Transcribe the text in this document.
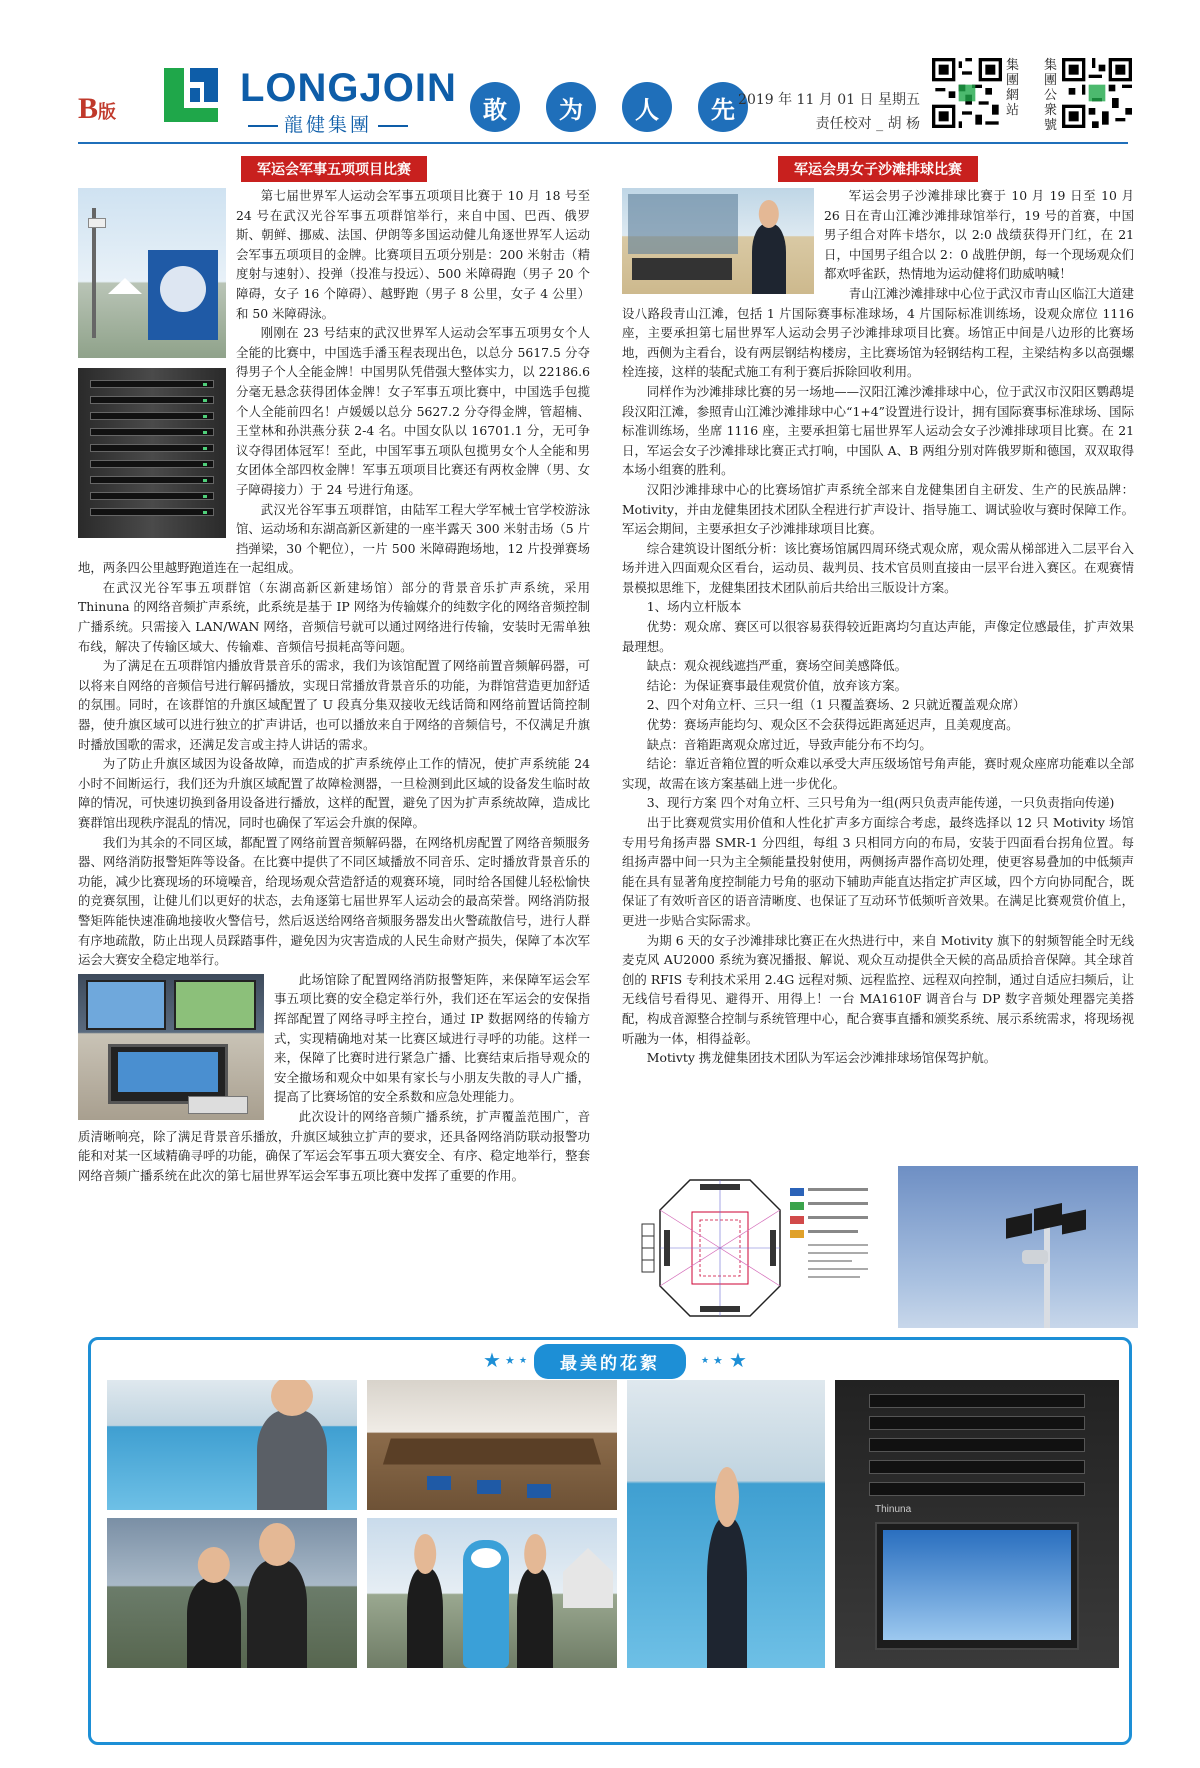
B版
LONGJOIN
龍健集團
敢	为	人	先 2019 年 11 月 01 日 星期五
责任校对 _ 胡 杨
集團網站
集團公衆號
军运会军事五项项目比赛

第七届世界军人运动会军事五项项目比赛于 10 月 18 号至 24 号在武汉光谷军事五项群馆举行，来自中国、巴西、俄罗斯、朝鲜、挪威、法国、伊朗等多国运动健儿角逐世界军人运动会军事五项项目的金牌。比赛项目五项分别是：200 米射击（精度射与速射）、投弹（投准与投远）、500 米障碍跑（男子 20 个障碍，女子 16 个障碍）、越野跑（男子 8 公里，女子 4 公里）和 50 米障碍泳。

刚刚在 23 号结束的武汉世界军人运动会军事五项男女个人全能的比赛中，中国选手潘玉程表现出色，以总分 5617.5 分夺得男子个人全能金牌！中国男队凭借强大整体实力，以 22186.6 分毫无悬念获得团体金牌！女子军事五项比赛中，中国选手包揽个人全能前四名！卢媛媛以总分 5627.2 分夺得金牌，管超楠、王堂林和孙洪燕分获 2-4 名。中国女队以 16701.1 分，无可争议夺得团体冠军！至此，中国军事五项队包揽男女个人全能和男女团体全部四枚金牌！军事五项项目比赛还有两枚金牌（男、女子障碍接力）于 24 号进行角逐。

武汉光谷军事五项群馆，由陆军工程大学军械士官学校游泳馆、运动场和东湖高新区新建的一座半露天 300 米射击场（5 片挡弹梁，30 个靶位），一片 500 米障碍跑场地，12 片投弹赛场地，两条四公里越野跑道连在一起组成。

在武汉光谷军事五项群馆（东湖高新区新建场馆）部分的背景音乐扩声系统，采用 Thinuna 的网络音频扩声系统，此系统是基于 IP 网络为传输媒介的纯数字化的网络音频控制广播系统。只需接入 LAN/WAN 网络，音频信号就可以通过网络进行传输，安装时无需单独布线，解决了传输区域大、传输难、音频信号损耗高等问题。

为了满足在五项群馆内播放背景音乐的需求，我们为该馆配置了网络前置音频解码器，可以将来自网络的音频信号进行解码播放，实现日常播放背景音乐的功能，为群馆营造更加舒适的氛围。同时，在该群馆的升旗区域配置了 U 段真分集双接收无线话筒和网络前置话筒控制器，使升旗区域可以进行独立的扩声讲话，也可以播放来自于网络的音频信号，不仅满足升旗时播放国歌的需求，还满足发言或主持人讲话的需求。

为了防止升旗区域因为设备故障，而造成的扩声系统停止工作的情况，使扩声系统能 24 小时不间断运行，我们还为升旗区域配置了故障检测器，一旦检测到此区域的设备发生临时故障的情况，可快速切换到备用设备进行播放，这样的配置，避免了因为扩声系统故障，造成比赛群馆出现秩序混乱的情况，同时也确保了军运会升旗的保障。

我们为其余的不同区域，都配置了网络前置音频解码器，在网络机房配置了网络音频服务器、网络消防报警矩阵等设备。在比赛中提供了不同区域播放不同音乐、定时播放背景音乐的功能，减少比赛现场的环境噪音，给现场观众营造舒适的观赛环境，同时给各国健儿轻松愉快的竞赛氛围，让健儿们以更好的状态，去角逐第七届世界军人运动会的最高荣誉。网络消防报警矩阵能快速准确地接收火警信号，然后返送给网络音频服务器发出火警疏散信号，进行人群有序地疏散，防止出现人员踩踏事件，避免因为灾害造成的人民生命财产损失，保障了本次军运会大赛安全稳定地举行。

此场馆除了配置网络消防报警矩阵，来保障军运会军事五项比赛的安全稳定举行外，我们还在军运会的安保指挥部配置了网络寻呼主控台，通过 IP 数据网络的传输方式，实现精确地对某一比赛区域进行寻呼的功能。这样一来，保障了比赛时进行紧急广播、比赛结束后指导观众的安全撤场和观众中如果有家长与小朋友失散的寻人广播，提高了比赛场馆的安全系数和应急处理能力。

此次设计的网络音频广播系统，扩声覆盖范围广，音质清晰响亮，除了满足背景音乐播放，升旗区域独立扩声的要求，还具备网络消防联动报警功能和对某一区域精确寻呼的功能，确保了军运会军事五项大赛安全、有序、稳定地举行，整套网络音频广播系统在此次的第七届世界军运会军事五项比赛中发挥了重要的作用。

军运会男女子沙滩排球比赛

军运会男子沙滩排球比赛于 10 月 19 日至 10 月 26 日在青山江滩沙滩排球馆举行，19 号的首赛，中国男子组合对阵卡塔尔，以 2:0 战绩获得开门红，在 21 日，中国男子组合以 2：0 战胜伊朗，每一个现场观众们都欢呼雀跃，热情地为运动健将们助威呐喊！

青山江滩沙滩排球中心位于武汉市青山区临江大道建设八路段青山江滩，包括 1 片国际赛事标准球场，4 片国际标准训练场，设观众席位 1116 座，主要承担第七届世界军人运动会男子沙滩排球项目比赛。场馆正中间是八边形的比赛场地，西侧为主看台，设有两层钢结构楼房，主比赛场馆为轻钢结构工程，主梁结构多以高强螺栓连接，这样的装配式施工有利于赛后拆除回收利用。

同样作为沙滩排球比赛的另一场地——汉阳江滩沙滩排球中心，位于武汉市汉阳区鹦鹉堤段汉阳江滩，参照青山江滩沙滩排球中心“1+4”设置进行设计，拥有国际赛事标准球场、国际标准训练场，坐席 1116 座，主要承担第七届世界军人运动会女子沙滩排球项目比赛。在 21 日，军运会女子沙滩排球比赛正式打响，中国队 A、B 两组分别对阵俄罗斯和德国，双双取得本场小组赛的胜利。

汉阳沙滩排球中心的比赛场馆扩声系统全部来自龙健集团自主研发、生产的民族品牌：Motivity，并由龙健集团技术团队全程进行扩声设计、指导施工、调试验收与赛时保障工作。军运会期间，主要承担女子沙滩排球项目比赛。

综合建筑设计图纸分析：该比赛场馆属四周环绕式观众席，观众需从梯部进入二层平台入场并进入四面观众区看台，运动员、裁判员、技术官员则直接由一层平台进入赛区。在观赛情景模拟思维下，龙健集团技术团队前后共给出三版设计方案。

1、场内立杆版本

优势：观众席、赛区可以很容易获得较近距离均匀直达声能，声像定位感最佳，扩声效果最理想。

缺点：观众视线遮挡严重，赛场空间美感降低。

结论：为保证赛事最佳观赏价值，放弃该方案。

2、四个对角立杆、三只一组（1 只覆盖赛场、2 只就近覆盖观众席）

优势：赛场声能均匀、观众区不会获得远距离延迟声，且美观度高。

缺点：音箱距离观众席过近，导致声能分布不均匀。

结论：靠近音箱位置的听众难以承受大声压级场馆号角声能，赛时观众座席功能难以全部实现，故需在该方案基础上进一步优化。

3、现行方案 四个对角立杆、三只号角为一组(两只负责声能传递，一只负责指向传递)

出于比赛观赏实用价值和人性化扩声多方面综合考虑，最终选择以 12 只 Motivity 场馆专用号角扬声器 SMR-1 分四组，每组 3 只相同方向的布局，安装于四面看台拐角位置。每组扬声器中间一只为主全频能量投射使用，两侧扬声器作高切处理，使更容易叠加的中低频声能在具有显著角度控制能力号角的驱动下辅助声能直达指定扩声区域，四个方向协同配合，既保证了有效听音区的语音清晰度、也保证了互动环节低频听音效果。在满足比赛观赏价值上，更进一步贴合实际需求。

为期 6 天的女子沙滩排球比赛正在火热进行中，来自 Motivity 旗下的射频智能全时无线麦克风 AU2000 系统为赛况播报、解说、观众互动提供全天候的高品质拾音保障。其全球首创的 RFIS 专利技术采用 2.4G 远程对频、远程监控、远程双向控制，通过自适应扫频后，让无线信号看得见、避得开、用得上！一台 MA1610F 调音台与 DP 数字音频处理器完美搭配，构成音源整合控制与系统管理中心，配合赛事直播和颁奖系统、展示系统需求，将现场视听融为一体，相得益彰。

Motivty 携龙健集团技术团队为军运会沙滩排球场馆保驾护航。

★ ★ ★ 最美的花絮	★ ★ ★
Thinuna
